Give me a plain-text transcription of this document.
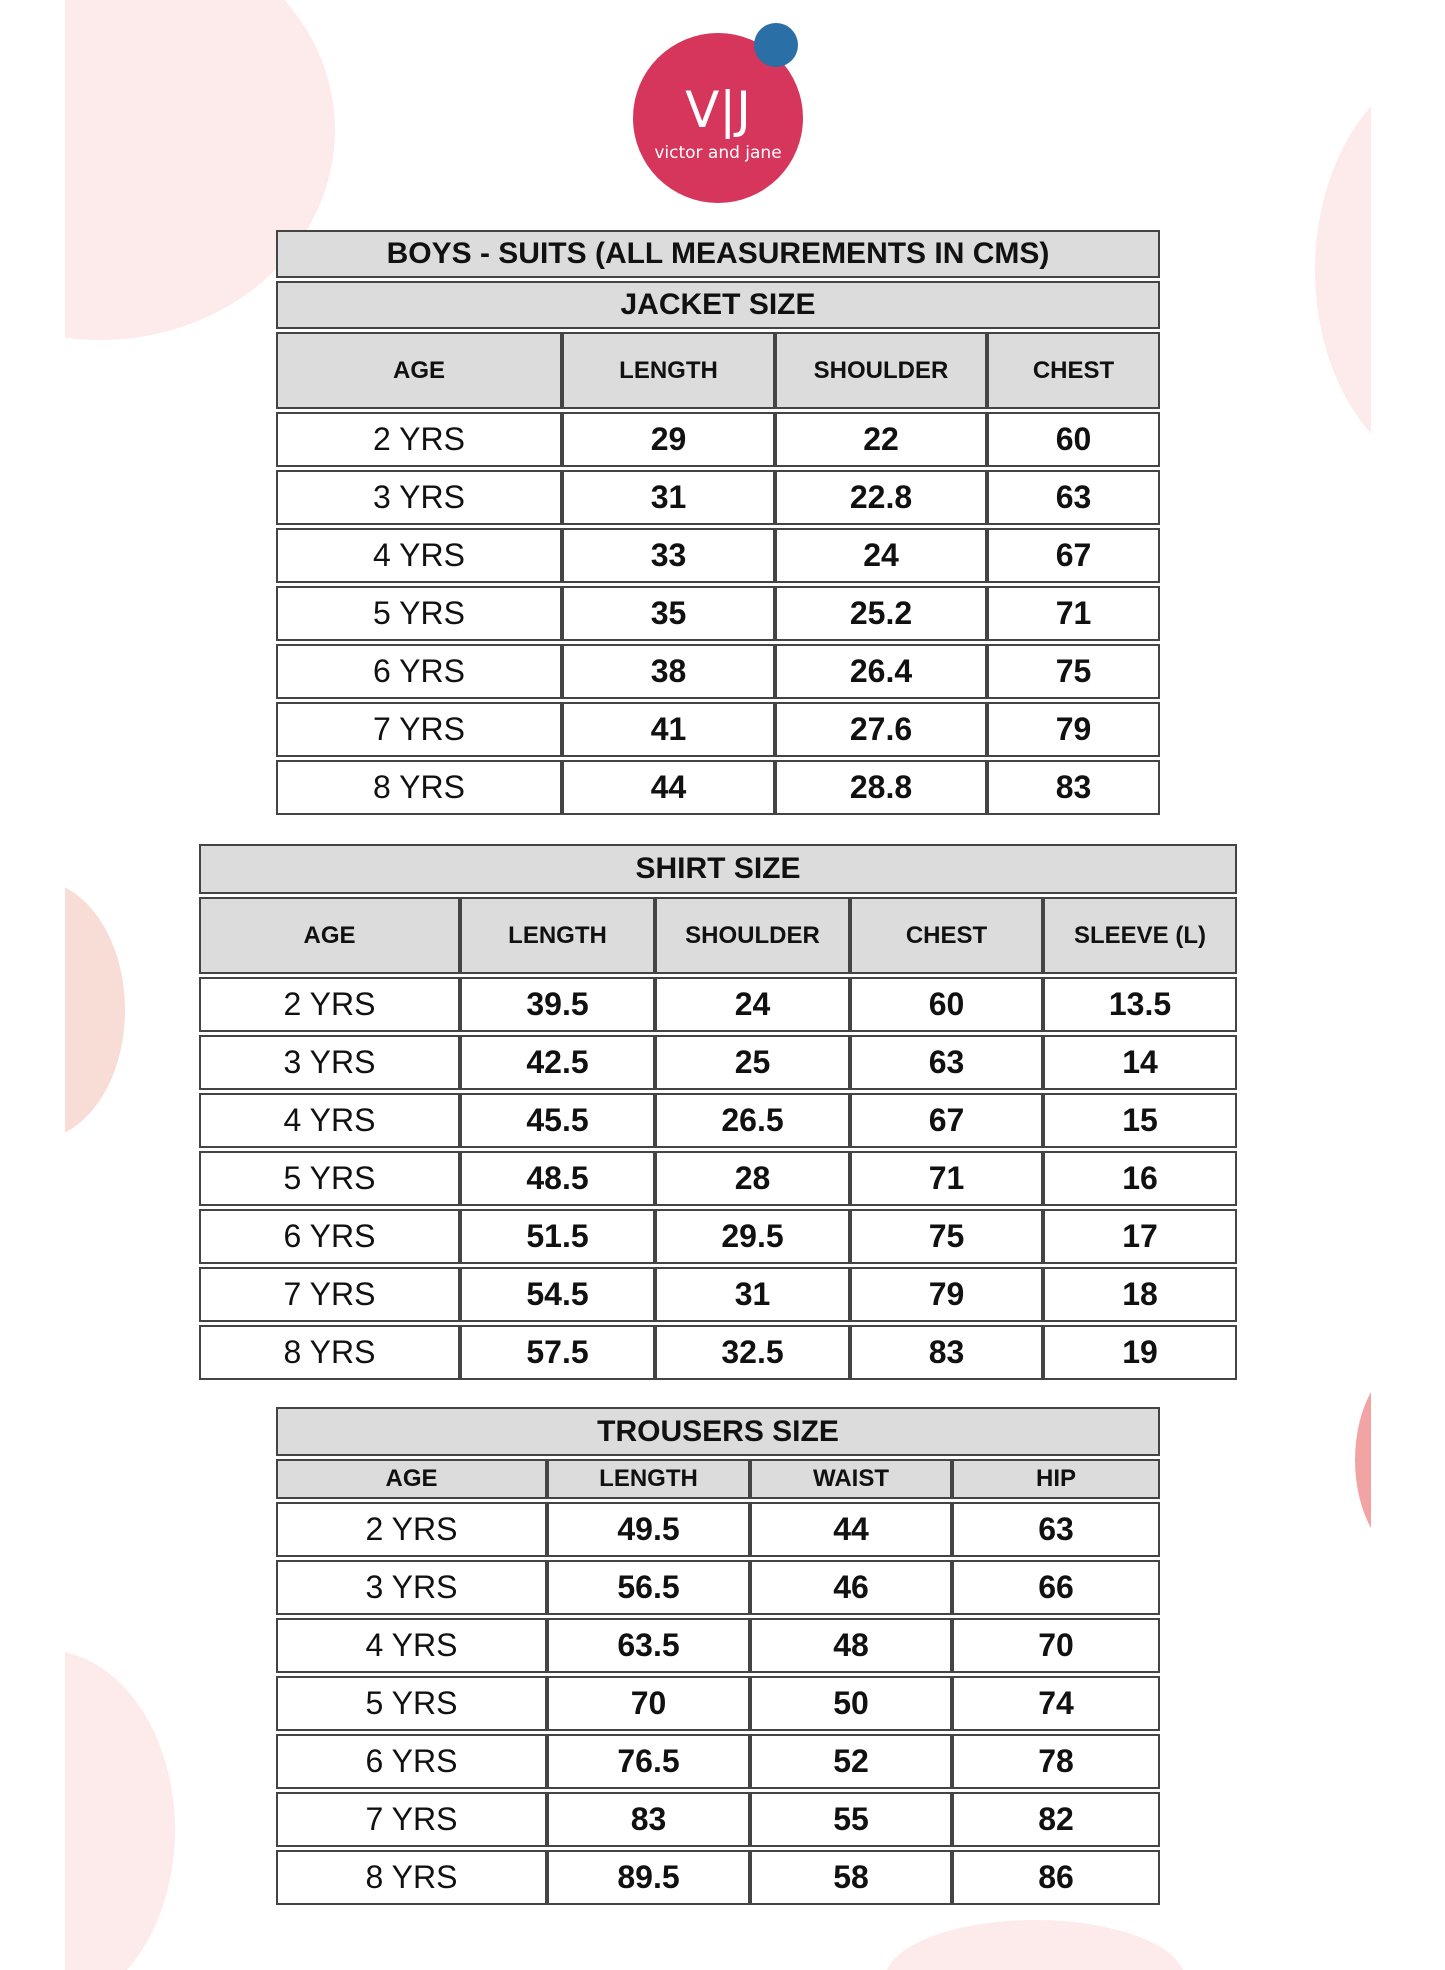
V|J
victor and jane
BOYS - SUITS (ALL MEASUREMENTS IN CMS)			
JACKET SIZE			
AGE	LENGTH	SHOULDER	CHEST
2 YRS	29	22	60
3 YRS	31	22.8	63
4 YRS	33	24	67
5 YRS	35	25.2	71
6 YRS	38	26.4	75
7 YRS	41	27.6	79
8 YRS	44	28.8	83
SHIRT SIZE				
AGE	LENGTH	SHOULDER	CHEST	SLEEVE (L)
2 YRS	39.5	24	60	13.5
3 YRS	42.5	25	63	14
4 YRS	45.5	26.5	67	15
5 YRS	48.5	28	71	16
6 YRS	51.5	29.5	75	17
7 YRS	54.5	31	79	18
8 YRS	57.5	32.5	83	19
TROUSERS SIZE			
AGE	LENGTH	WAIST	HIP
2 YRS	49.5	44	63
3 YRS	56.5	46	66
4 YRS	63.5	48	70
5 YRS	70	50	74
6 YRS	76.5	52	78
7 YRS	83	55	82
8 YRS	89.5	58	86
